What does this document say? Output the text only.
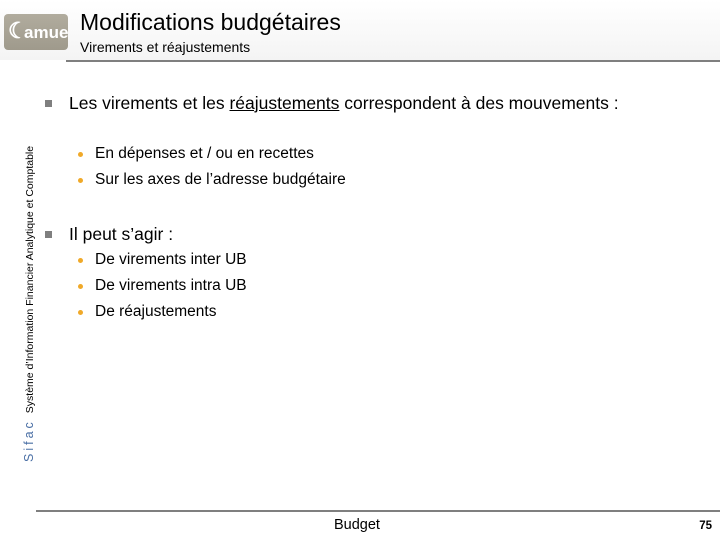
☾
amue Modifications budgétaires
Virements et réajustements
SifacSystème d’Information Financier Analytique et Comptable
Les virements et les réajustements correspondent à des mouvements :
En dépenses et / ou en recettes
Sur les axes de l’adresse budgétaire
Il peut s’agir :
De virements inter UB
De virements intra UB
De réajustements
Budget	75
